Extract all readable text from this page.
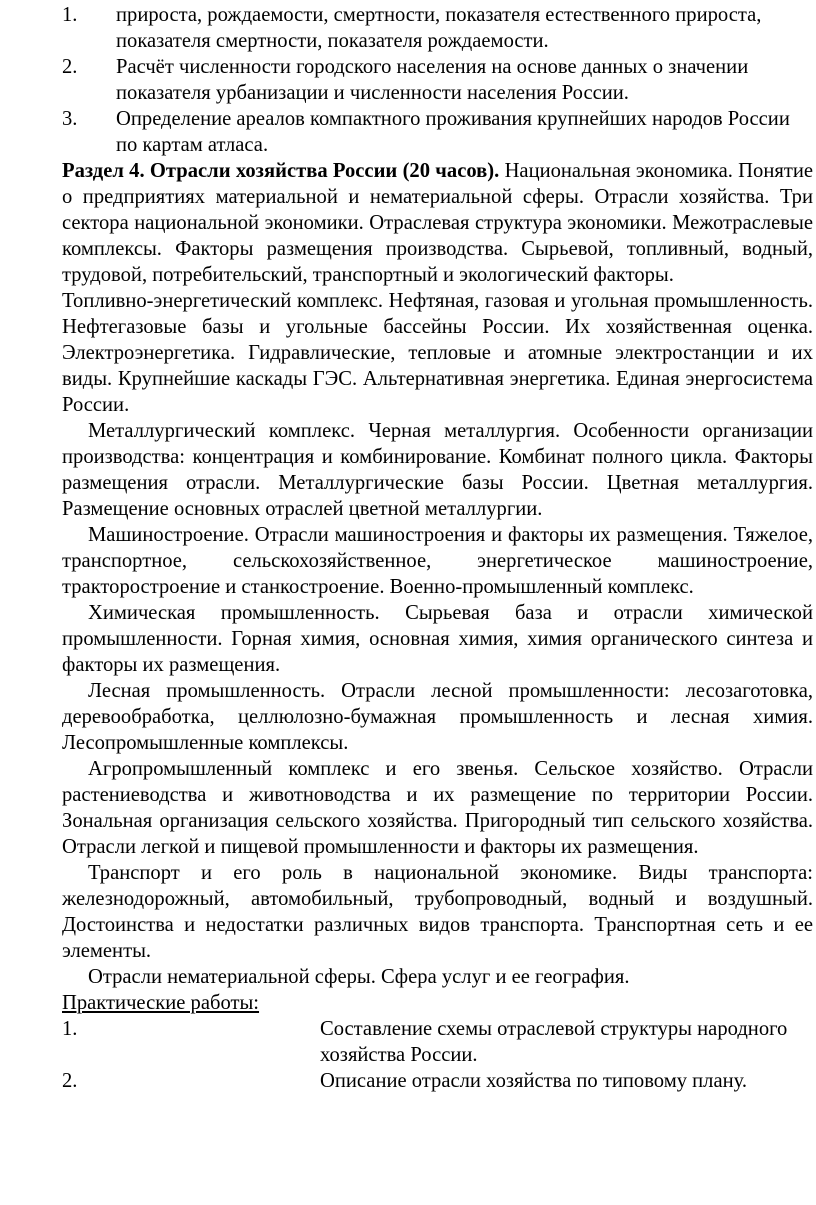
1. прироста, рождаемости, смертности, показателя естественного прироста, показателя смертности, показателя рождаемости.
2. Расчёт численности городского населения на основе данных о значении показателя урбанизации и численности населения России.
3. Определение ареалов компактного проживания крупнейших народов России по картам атласа.
Раздел 4. Отрасли хозяйства России (20 часов). Национальная экономика. Понятие о предприятиях материальной и нематериальной сферы. Отрасли хозяйства. Три сектора национальной экономики. Отраслевая структура экономики. Межотраслевые комплексы. Факторы размещения производства. Сырьевой, топливный, водный, трудовой, потребительский, транспортный и экологический факторы.
Топливно-энергетический комплекс. Нефтяная, газовая и угольная промышленность. Нефтегазовые базы и угольные бассейны России. Их хозяйственная оценка. Электроэнергетика. Гидравлические, тепловые и атомные электростанции и их виды. Крупнейшие каскады ГЭС. Альтернативная энергетика. Единая энергосистема России.
Металлургический комплекс. Черная металлургия. Особенности организации производства: концентрация и комбинирование. Комбинат полного цикла. Факторы размещения отрасли. Металлургические базы России. Цветная металлургия. Размещение основных отраслей цветной металлургии.
Машиностроение. Отрасли машиностроения и факторы их размещения. Тяжелое, транспортное, сельскохозяйственное, энергетическое машиностроение, тракторостроение и станкостроение. Военно-промышленный комплекс.
Химическая промышленность. Сырьевая база и отрасли химической промышленности. Горная химия, основная химия, химия органического синтеза и факторы их размещения.
Лесная промышленность. Отрасли лесной промышленности: лесозаготовка, деревообработка, целлюлозно-бумажная промышленность и лесная химия. Лесопромышленные комплексы.
Агропромышленный комплекс и его звенья. Сельское хозяйство. Отрасли растениеводства и животноводства и их размещение по территории России. Зональная организация сельского хозяйства. Пригородный тип сельского хозяйства. Отрасли легкой и пищевой промышленности и факторы их размещения.
Транспорт и его роль в национальной экономике. Виды транспорта: железнодорожный, автомобильный, трубопроводный, водный и воздушный. Достоинства и недостатки различных видов транспорта. Транспортная сеть и ее элементы.
Отрасли нематериальной сферы. Сфера услуг и ее география.
Практические работы:
1.	Составление схемы отраслевой структуры народного хозяйства России.
2.	Описание отрасли хозяйства по типовому плану.
